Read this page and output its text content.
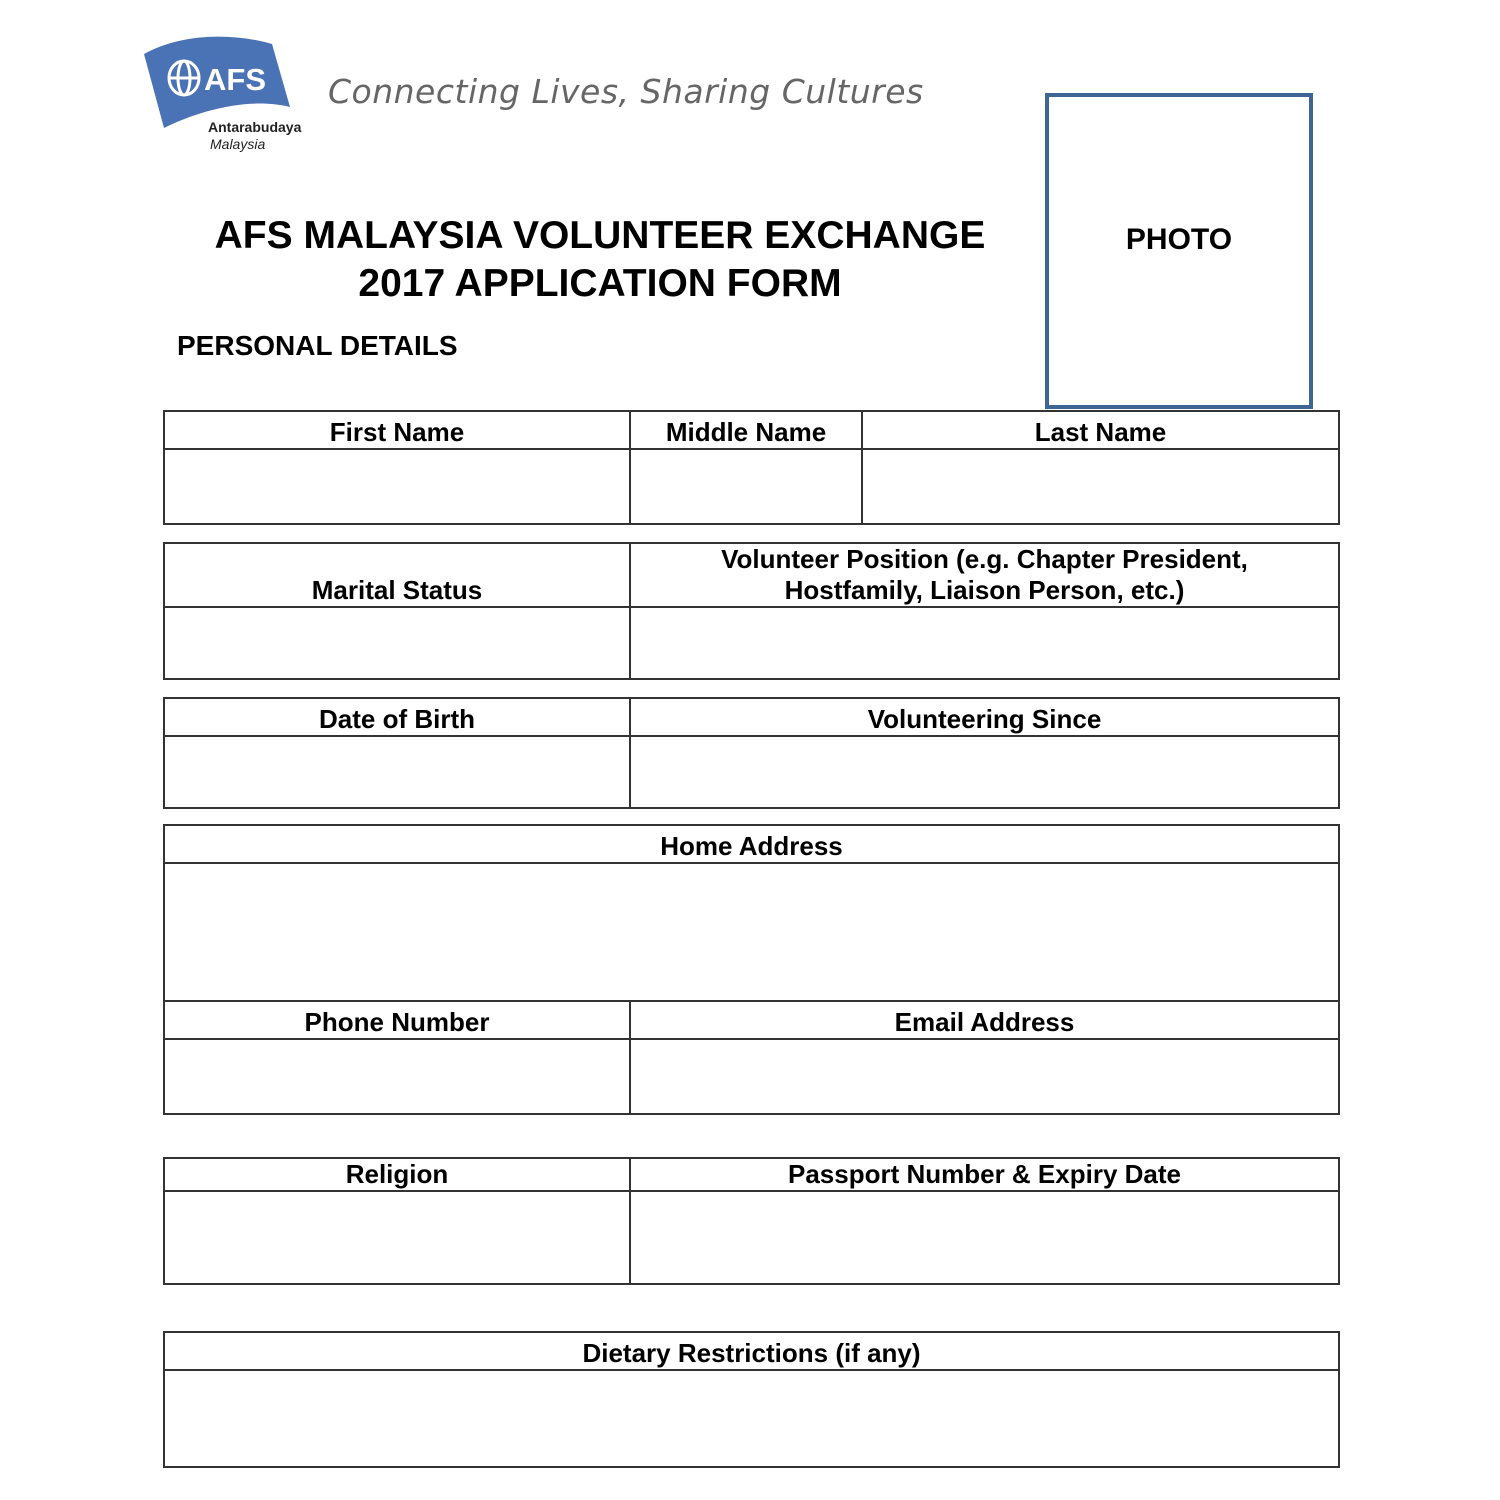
AFS
Antarabudaya
Malaysia
Connecting Lives, Sharing Cultures
AFS MALAYSIA VOLUNTEER EXCHANGE
2017 APPLICATION FORM
PERSONAL DETAILS
PHOTO
First Name	Middle Name	Last Name

Marital Status	Volunteer Position (e.g. Chapter President,
Hostfamily, Liaison Person, etc.)

Date of Birth	Volunteering Since

Home Address	

Phone Number	Email Address

Religion	Passport Number & Expiry Date

Dietary Restrictions (if any)
